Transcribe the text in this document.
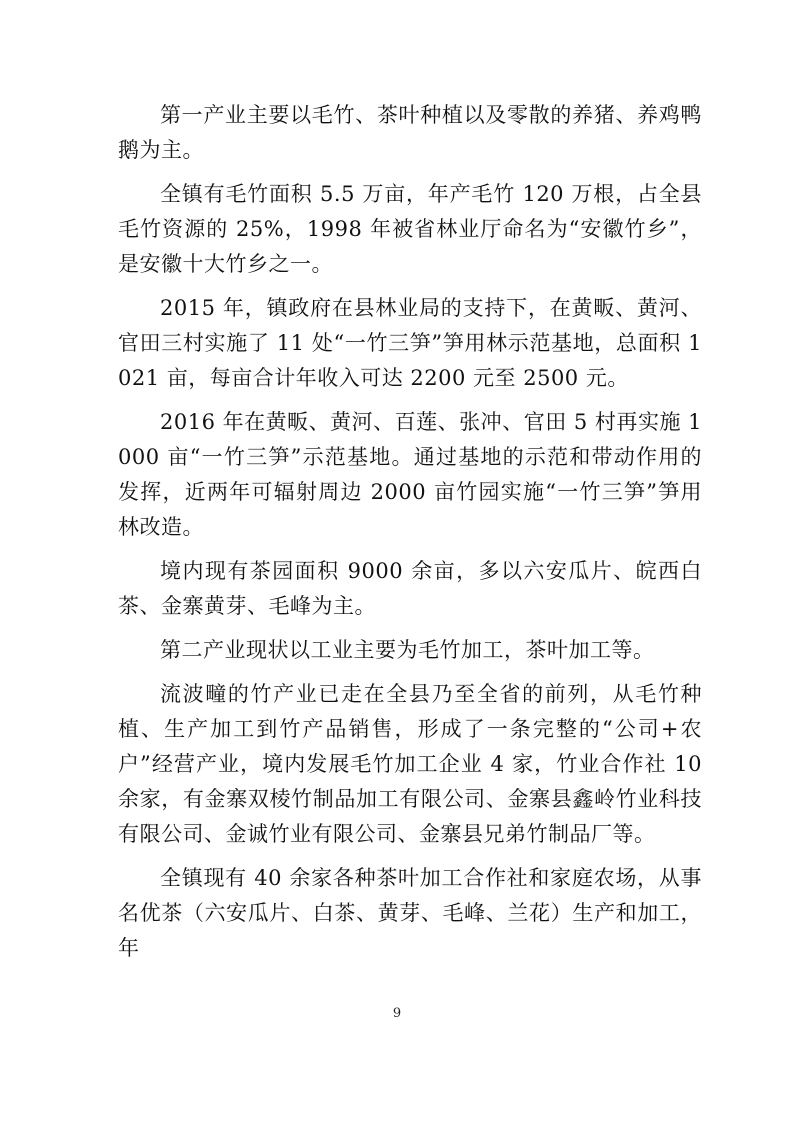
第一产业主要以毛竹、茶叶种植以及零散的养猪、养鸡鸭鹅为主。

全镇有毛竹面积 5.5 万亩，年产毛竹 120 万根，占全县毛竹资源的 25%，1998 年被省林业厅命名为“安徽竹乡”，是安徽十大竹乡之一。

2015 年，镇政府在县林业局的支持下，在黄畈、黄河、官田三村实施了 11 处“一竹三笋”笋用林示范基地，总面积 1021 亩，每亩合计年收入可达 2200 元至 2500 元。

2016 年在黄畈、黄河、百莲、张冲、官田 5 村再实施 1000 亩“一竹三笋”示范基地。通过基地的示范和带动作用的发挥，近两年可辐射周边 2000 亩竹园实施“一竹三笋”笋用林改造。

境内现有茶园面积 9000 余亩，多以六安瓜片、皖西白茶、金寨黄芽、毛峰为主。

第二产业现状以工业主要为毛竹加工，茶叶加工等。

流波疃的竹产业已走在全县乃至全省的前列，从毛竹种植、生产加工到竹产品销售，形成了一条完整的“公司+农户”经营产业，境内发展毛竹加工企业 4 家，竹业合作社 10 余家，有金寨双棱竹制品加工有限公司、金寨县鑫岭竹业科技有限公司、金诚竹业有限公司、金寨县兄弟竹制品厂等。

全镇现有 40 余家各种茶叶加工合作社和家庭农场，从事名优茶（六安瓜片、白茶、黄芽、毛峰、兰花）生产和加工，年

9
